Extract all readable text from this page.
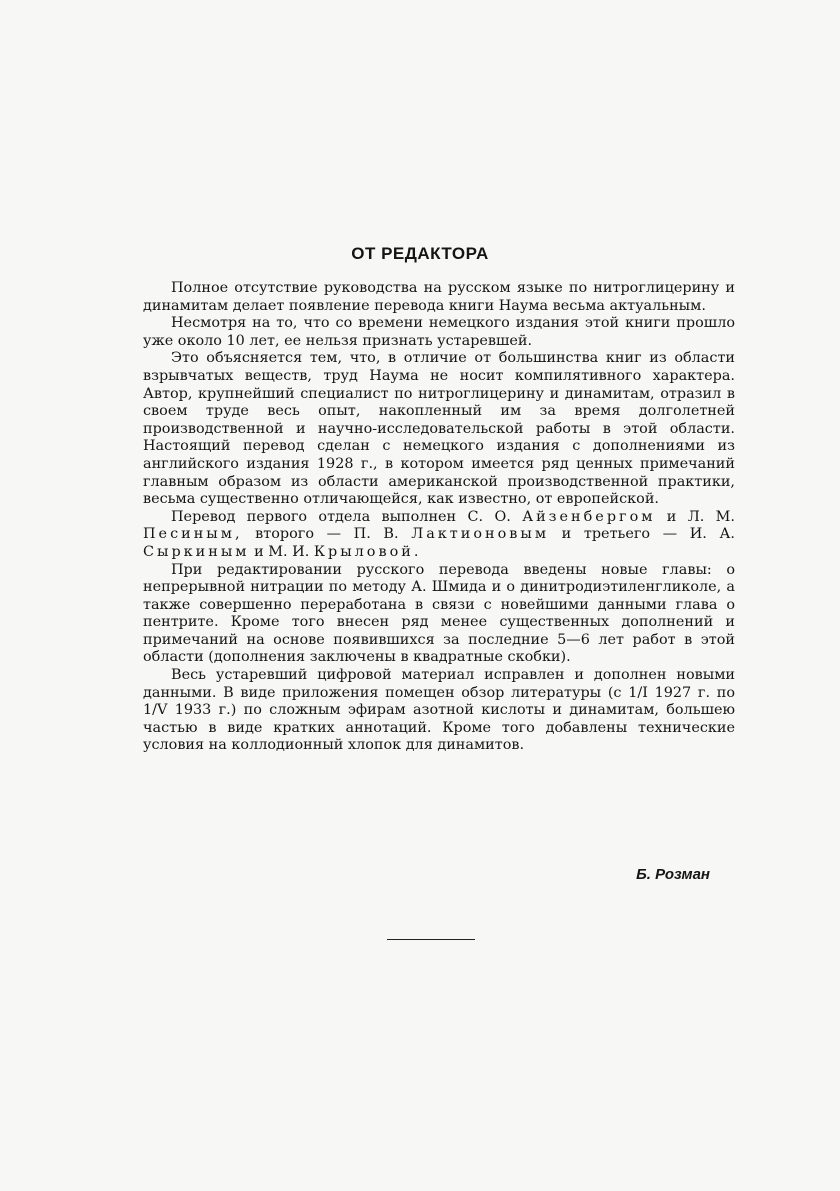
ОТ РЕДАКТОРА

Полное отсутствие руководства на русском языке по нитроглицерину и динамитам делает появление перевода книги Наума весьма актуальным.

Несмотря на то, что со времени немецкого издания этой книги прошло уже около 10 лет, ее нельзя признать устаревшей.

Это объясняется тем, что, в отличие от большинства книг из области взрывчатых веществ, труд Наума не носит компилятивного характера. Автор, крупнейший специалист по нитроглицерину и динамитам, отразил в своем труде весь опыт, накопленный им за время долголетней производственной и научно-исследовательской работы в этой области. Настоящий перевод сделан с немецкого издания с дополнениями из английского издания 1928 г., в котором имеется ряд ценных примечаний главным образом из области американской производственной практики, весьма существенно отличающейся, как известно, от европейской.

Перевод первого отдела выполнен С. О. Айзенбергом и Л. М. Песиным, второго — П. В. Лактионовым и третьего — И. А. Сыркиным и М. И. Крыловой.

При редактировании русского перевода введены новые главы: о непрерывной нитрации по методу А. Шмида и о динитродиэтиленгликоле, а также совершенно переработана в связи с новейшими данными глава о пентрите. Кроме того внесен ряд менее существенных дополнений и примечаний на основе появившихся за последние 5—6 лет работ в этой области (дополнения заключены в квадратные скобки).

Весь устаревший цифровой материал исправлен и дополнен новыми данными. В виде приложения помещен обзор литературы (с 1/I 1927 г. по 1/V 1933 г.) по сложным эфирам азотной кислоты и динамитам, большею частью в виде кратких аннотаций. Кроме того добавлены технические условия на коллодионный хлопок для динамитов.

Б. Розман
